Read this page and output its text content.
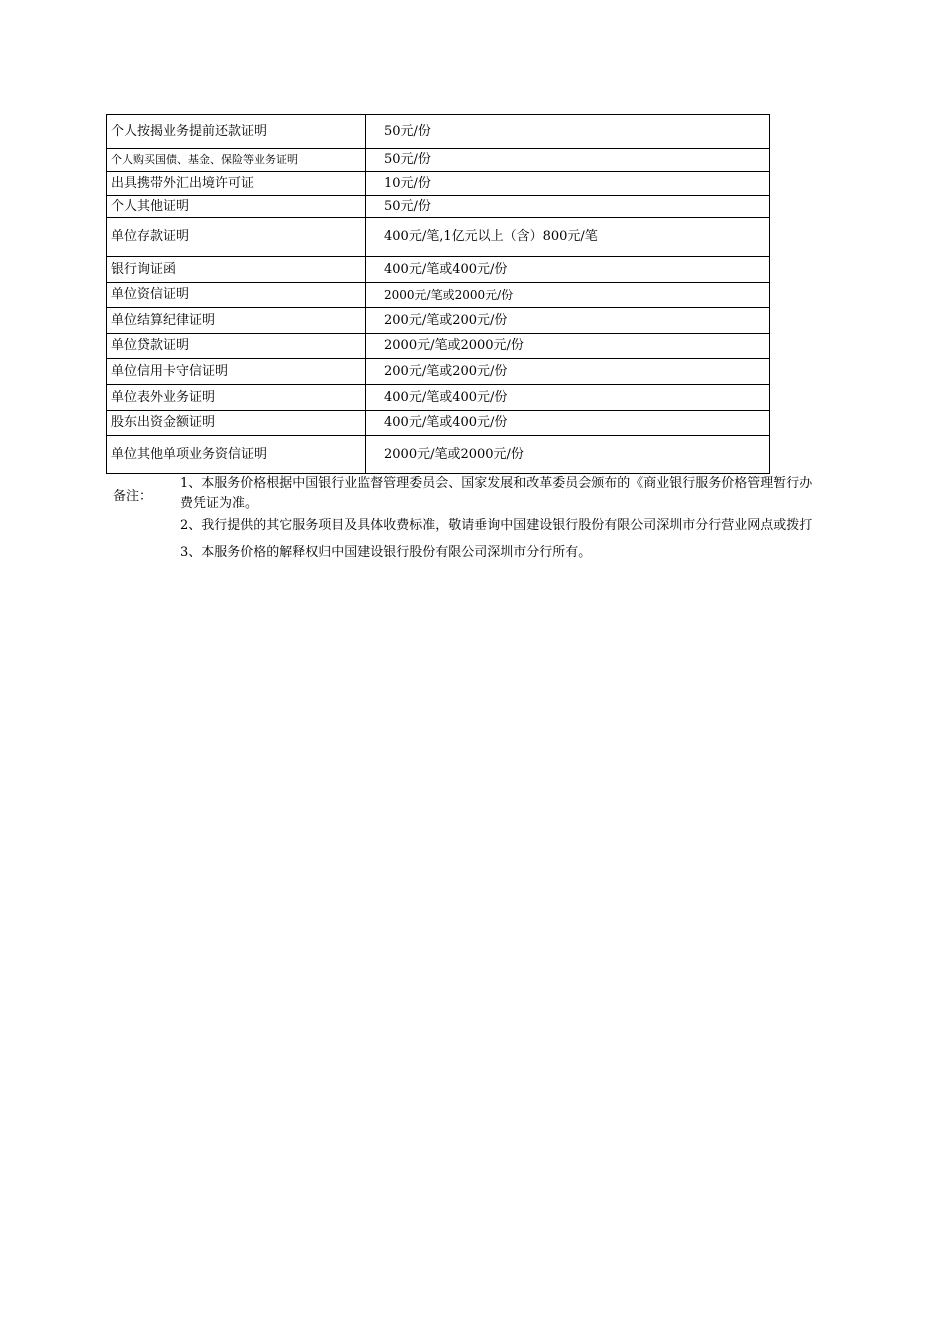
个人按揭业务提前还款证明	50元/份
个人购买国债、基金、保险等业务证明	50元/份
出具携带外汇出境许可证	10元/份
个人其他证明	50元/份
单位存款证明	400元/笔,1亿元以上（含）800元/笔
银行询证函	400元/笔或400元/份
单位资信证明	2000元/笔或2000元/份
单位结算纪律证明	200元/笔或200元/份
单位贷款证明	2000元/笔或2000元/份
单位信用卡守信证明	200元/笔或200元/份
单位表外业务证明	400元/笔或400元/份
股东出资金额证明	400元/笔或400元/份
单位其他单项业务资信证明	2000元/笔或2000元/份
备注：
1、本服务价格根据中国银行业监督管理委员会、国家发展和改革委员会颁布的《商业银行服务价格管理暂行办
费凭证为准。
2、我行提供的其它服务项目及具体收费标准，敬请垂询中国建设银行股份有限公司深圳市分行营业网点或拨打
3、本服务价格的解释权归中国建设银行股份有限公司深圳市分行所有。
